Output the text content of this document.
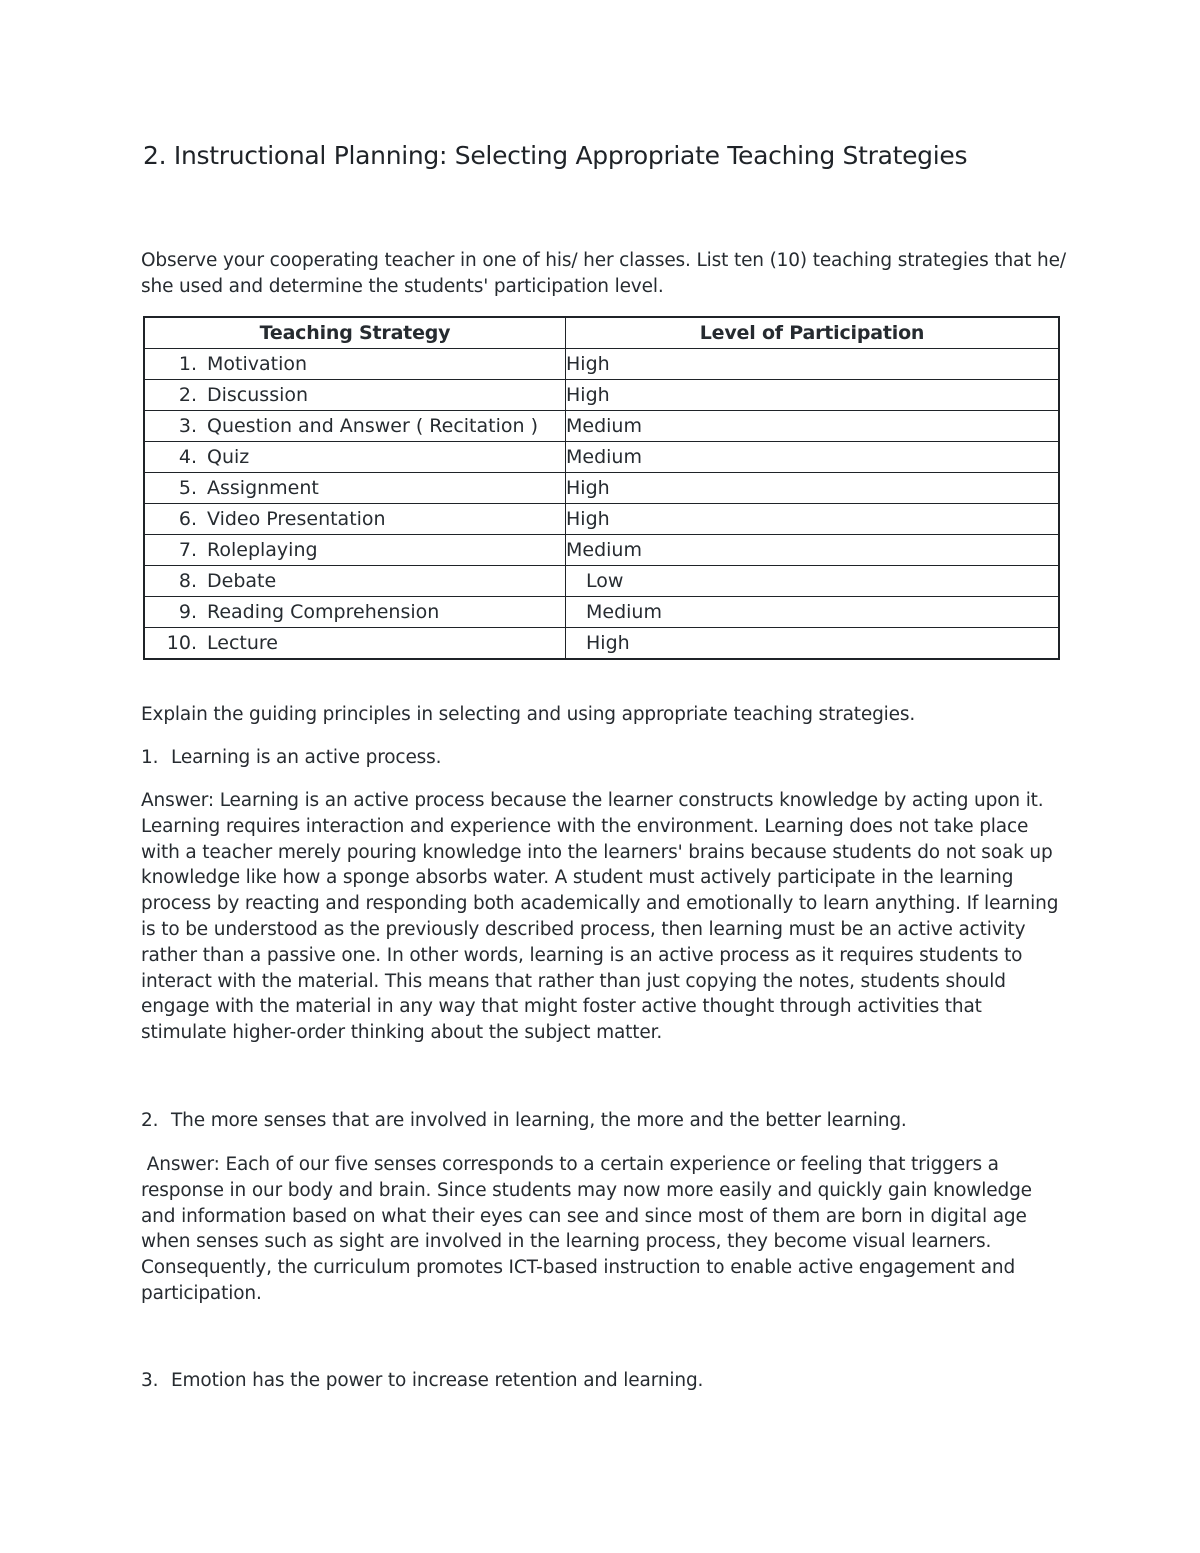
2. Instructional Planning: Selecting Appropriate Teaching Strategies

Observe your cooperating teacher in one of his/ her classes. List ten (10) teaching strategies that he/ she used and determine the students' participation level.

Teaching Strategy	Level of Participation
1. Motivation	High
2. Discussion	High
3. Question and Answer ( Recitation )	Medium
4. Quiz	Medium
5. Assignment	High
6. Video Presentation	High
7. Roleplaying	Medium
8. Debate	Low
9. Reading Comprehension	Medium
10. Lecture	High

Explain the guiding principles in selecting and using appropriate teaching strategies.

1. Learning is an active process.

Answer: Learning is an active process because the learner constructs knowledge by acting upon it. Learning requires interaction and experience with the environment. Learning does not take place with a teacher merely pouring knowledge into the learners' brains because students do not soak up knowledge like how a sponge absorbs water. A student must actively participate in the learning process by reacting and responding both academically and emotionally to learn anything. If learning is to be understood as the previously described process, then learning must be an active activity rather than a passive one. In other words, learning is an active process as it requires students to interact with the material. This means that rather than just copying the notes, students should engage with the material in any way that might foster active thought through activities that stimulate higher-order thinking about the subject matter.

2. The more senses that are involved in learning, the more and the better learning.

Answer: Each of our five senses corresponds to a certain experience or feeling that triggers a response in our body and brain. Since students may now more easily and quickly gain knowledge and information based on what their eyes can see and since most of them are born in digital age when senses such as sight are involved in the learning process, they become visual learners. Consequently, the curriculum promotes ICT-based instruction to enable active engagement and participation.

3. Emotion has the power to increase retention and learning.
